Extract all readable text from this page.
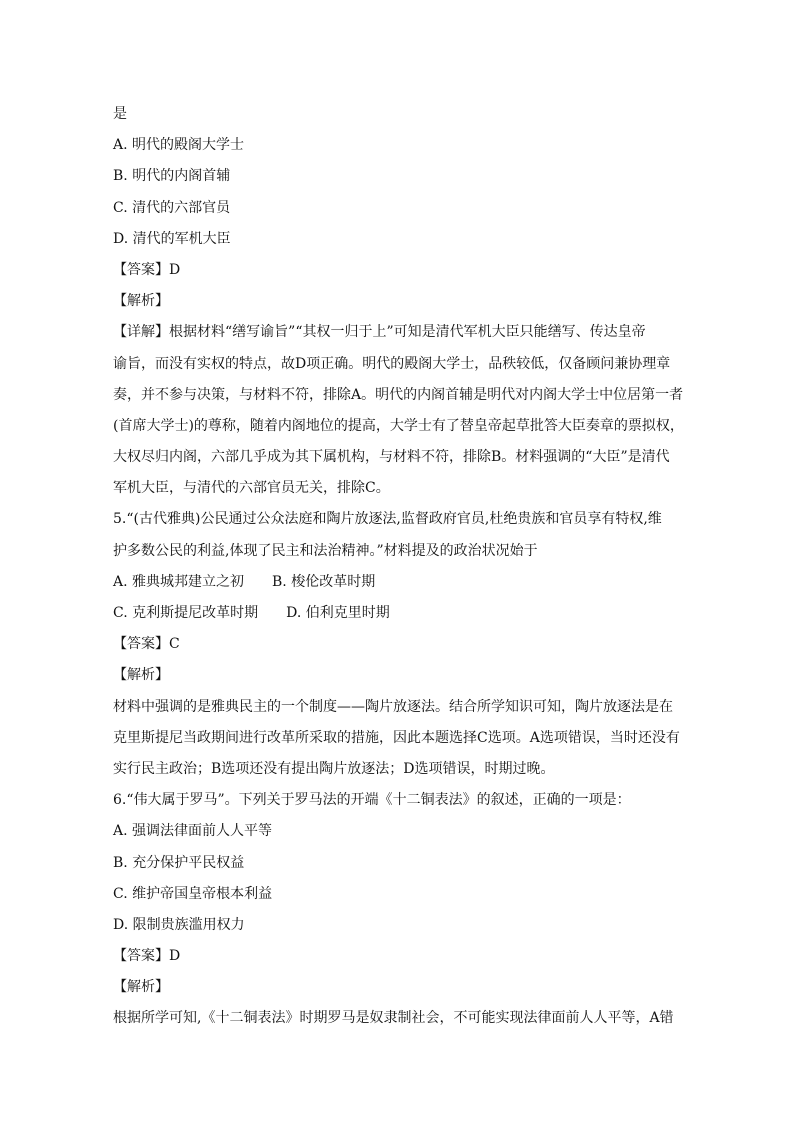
是
A. 明代的殿阁大学士
B. 明代的内阁首辅
C. 清代的六部官员
D. 清代的军机大臣
【答案】D
【解析】
【详解】根据材料“缮写谕旨”“其权一归于上”可知是清代军机大臣只能缮写、传达皇帝
谕旨，而没有实权的特点，故D项正确。明代的殿阁大学士，品秩较低，仅备顾问兼协理章
奏，并不参与决策，与材料不符，排除A。明代的内阁首辅是明代对内阁大学士中位居第一者
(首席大学士)的尊称，随着内阁地位的提高，大学士有了替皇帝起草批答大臣奏章的票拟权，
大权尽归内阁，六部几乎成为其下属机构，与材料不符，排除B。材料强调的“大臣”是清代
军机大臣，与清代的六部官员无关，排除C。
5.“(古代雅典)公民通过公众法庭和陶片放逐法,监督政府官员,杜绝贵族和官员享有特权,维
护多数公民的利益,体现了民主和法治精神。”材料提及的政治状况始于
A. 雅典城邦建立之初 B. 梭伦改革时期
C. 克利斯提尼改革时期 D. 伯利克里时期
【答案】C
【解析】
材料中强调的是雅典民主的一个制度——陶片放逐法。结合所学知识可知，陶片放逐法是在
克里斯提尼当政期间进行改革所采取的措施，因此本题选择C选项。A选项错误，当时还没有
实行民主政治；B选项还没有提出陶片放逐法；D选项错误，时期过晚。
6.“伟大属于罗马”。下列关于罗马法的开端《十二铜表法》的叙述，正确的一项是：
A. 强调法律面前人人平等
B. 充分保护平民权益
C. 维护帝国皇帝根本利益
D. 限制贵族滥用权力
【答案】D
【解析】
根据所学可知,《十二铜表法》时期罗马是奴隶制社会，不可能实现法律面前人人平等，A错
